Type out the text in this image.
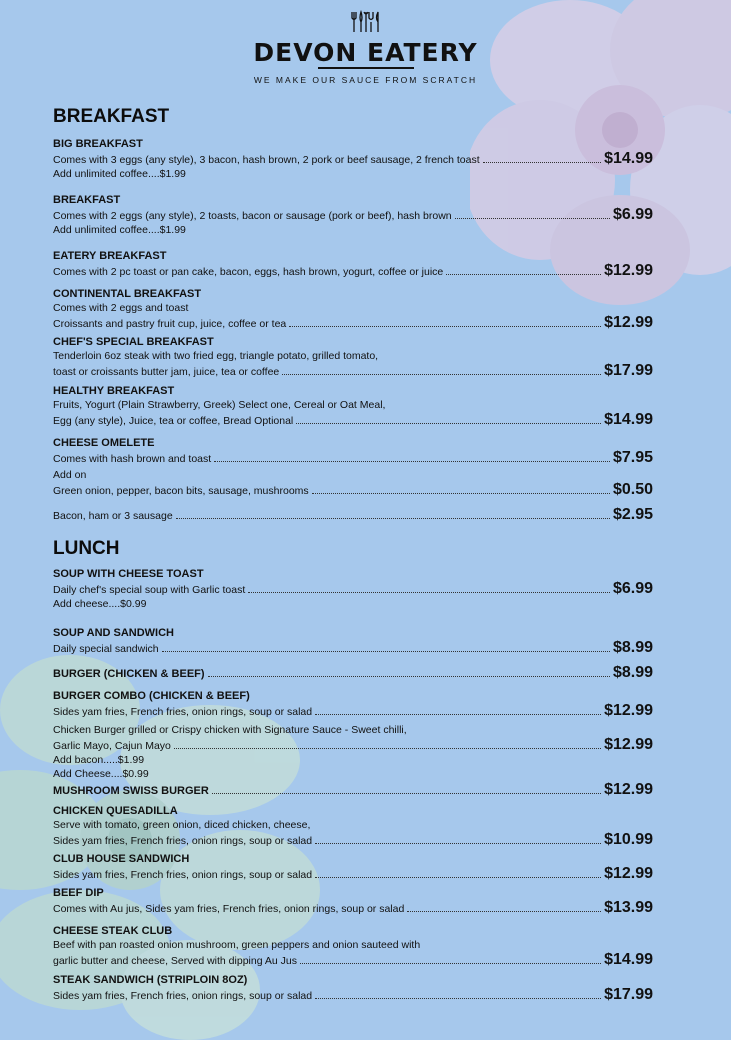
DEVON EATERY
WE MAKE OUR SAUCE FROM SCRATCH
BREAKFAST
BIG BREAKFAST
Comes with 3 eggs (any style), 3 bacon, hash brown, 2 pork or beef sausage, 2 french toast	$14.99
Add unlimited coffee....$1.99
BREAKFAST
Comes with 2 eggs (any style), 2 toasts, bacon or sausage (pork or beef), hash brown	$6.99
Add unlimited coffee....$1.99
EATERY BREAKFAST
Comes with 2 pc toast or pan cake, bacon, eggs, hash brown, yogurt, coffee or juice	$12.99
CONTINENTAL BREAKFAST
Comes with 2 eggs and toast
Croissants and pastry fruit cup, juice, coffee or tea	$12.99
CHEF'S SPECIAL BREAKFAST
Tenderloin 6oz steak with two fried egg, triangle potato, grilled tomato,
toast or croissants butter jam, juice, tea or coffee	$17.99
HEALTHY BREAKFAST
Fruits, Yogurt (Plain Strawberry, Greek) Select one, Cereal or Oat Meal,
Egg (any style), Juice, tea or coffee, Bread Optional	$14.99
CHEESE OMELETE
Comes with hash brown and toast	$7.95
Add on
Green onion, pepper, bacon bits, sausage, mushrooms	$0.50
Bacon, ham or 3 sausage	$2.95
LUNCH
SOUP WITH CHEESE TOAST
Daily chef's special soup with Garlic toast	$6.99
Add cheese....$0.99
SOUP AND SANDWICH
Daily special sandwich	$8.99
BURGER (CHICKEN & BEEF)	$8.99
BURGER COMBO (CHICKEN & BEEF)
Sides yam fries, French fries, onion rings, soup or salad	$12.99
Chicken Burger grilled or Crispy chicken with Signature Sauce - Sweet chilli,
Garlic Mayo, Cajun Mayo	$12.99
Add bacon.....$1.99
Add Cheese....$0.99
MUSHROOM SWISS BURGER	$12.99
CHICKEN QUESADILLA
Serve with tomato, green onion, diced chicken, cheese,
Sides yam fries, French fries, onion rings, soup or salad	$10.99
CLUB HOUSE SANDWICH
Sides yam fries, French fries, onion rings, soup or salad	$12.99
BEEF DIP
Comes with Au jus, Sides yam fries, French fries, onion rings, soup or salad	$13.99
CHEESE STEAK CLUB
Beef with pan roasted onion mushroom, green peppers and onion sauteed with
garlic butter and cheese, Served with dipping Au Jus	$14.99
STEAK SANDWICH (STRIPLOIN 8OZ)
Sides yam fries, French fries, onion rings, soup or salad	$17.99
